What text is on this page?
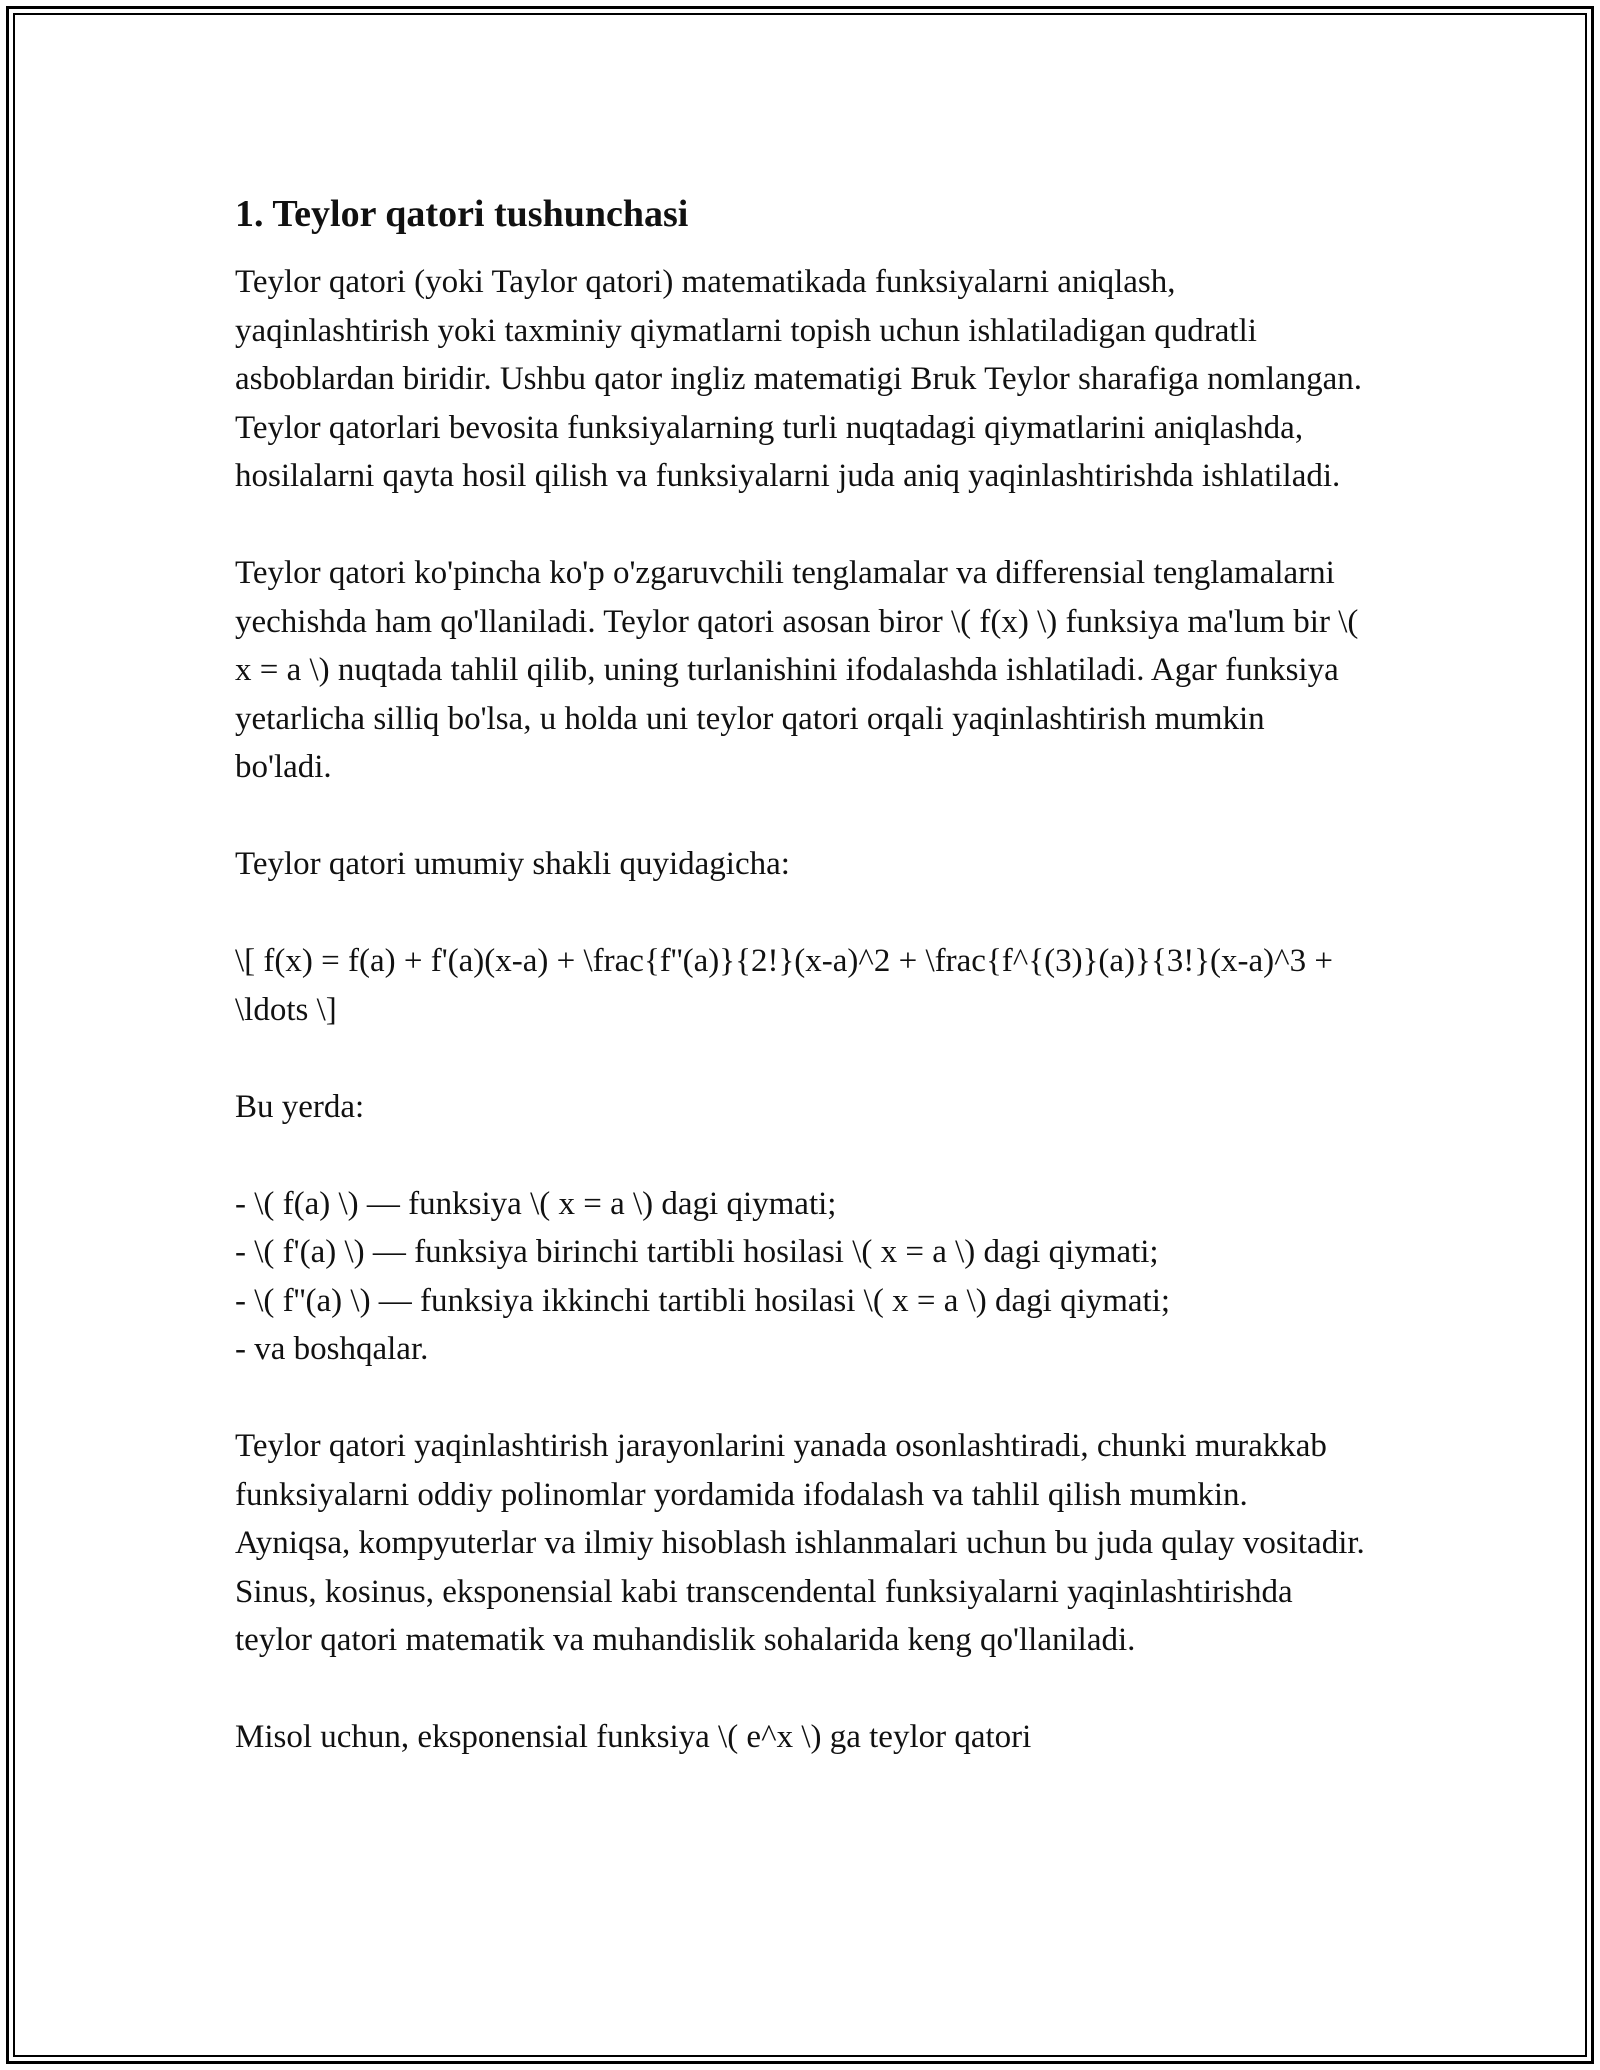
1. Teylor qatori tushunchasi

Teylor qatori (yoki Taylor qatori) matematikada funksiyalarni aniqlash, yaqinlashtirish yoki taxminiy qiymatlarni topish uchun ishlatiladigan qudratli asboblardan biridir. Ushbu qator ingliz matematigi Bruk Teylor sharafiga nomlangan. Teylor qatorlari bevosita funksiyalarning turli nuqtadagi qiymatlarini aniqlashda, hosilalarni qayta hosil qilish va funksiyalarni juda aniq yaqinlashtirishda ishlatiladi.

Teylor qatori ko'pincha ko'p o'zgaruvchili tenglamalar va differensial tenglamalarni yechishda ham qo'llaniladi. Teylor qatori asosan biror \( f(x) \) funksiya ma'lum bir \( x = a \) nuqtada tahlil qilib, uning turlanishini ifodalashda ishlatiladi. Agar funksiya yetarlicha silliq bo'lsa, u holda uni teylor qatori orqali yaqinlashtirish mumkin bo'ladi.

Teylor qatori umumiy shakli quyidagicha:

\[ f(x) = f(a) + f'(a)(x-a) + \frac{f''(a)}{2!}(x-a)^2 + \frac{f^{(3)}(a)}{3!}(x-a)^3 + \ldots \]

Bu yerda:

- \( f(a) \) — funksiya \( x = a \) dagi qiymati;
- \( f'(a) \) — funksiya birinchi tartibli hosilasi \( x = a \) dagi qiymati;
- \( f''(a) \) — funksiya ikkinchi tartibli hosilasi \( x = a \) dagi qiymati;
- va boshqalar.

Teylor qatori yaqinlashtirish jarayonlarini yanada osonlashtiradi, chunki murakkab funksiyalarni oddiy polinomlar yordamida ifodalash va tahlil qilish mumkin. Ayniqsa, kompyuterlar va ilmiy hisoblash ishlanmalari uchun bu juda qulay vositadir. Sinus, kosinus, eksponensial kabi transcendental funksiyalarni yaqinlashtirishda teylor qatori matematik va muhandislik sohalarida keng qo'llaniladi.

Misol uchun, eksponensial funksiya \( e^x \) ga teylor qatori
